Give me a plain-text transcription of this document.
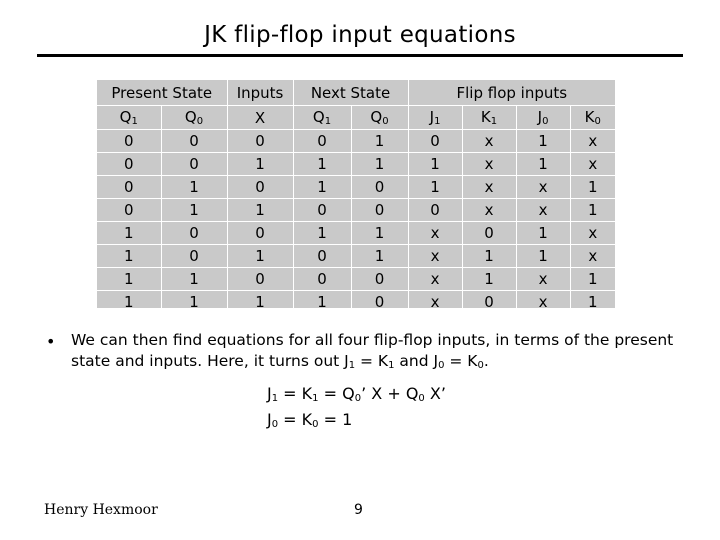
JK flip-flop input equations
Present State		Inputs	Next State		Flip flop inputs			
$Q_1$	$Q_0$	X	$Q_1$	$Q_0$	$J_1$	$K_1$	$J_0$	$K_0$
0	0	0	0	1	0	x	1	x
0	0	1	1	1	1	x	1	x
0	1	0	1	0	1	x	x	1
0	1	1	0	0	0	x	x	1
1	0	0	1	1	x	0	1	x
1	0	1	0	1	x	1	1	x
1	1	0	0	0	x	1	x	1
1	1	1	1	0	x	0	x	1
• We can then find equations for all four flip-flop inputs, in terms of the present state and inputs. Here, it turns out $J_1 = K_1$ and $J_0 = K_0$.
$J_1 = K_1 = Q_0$’ $X + Q_0$ X’
$J_0 = K_0 = 1$
Henry Hexmoor	9
